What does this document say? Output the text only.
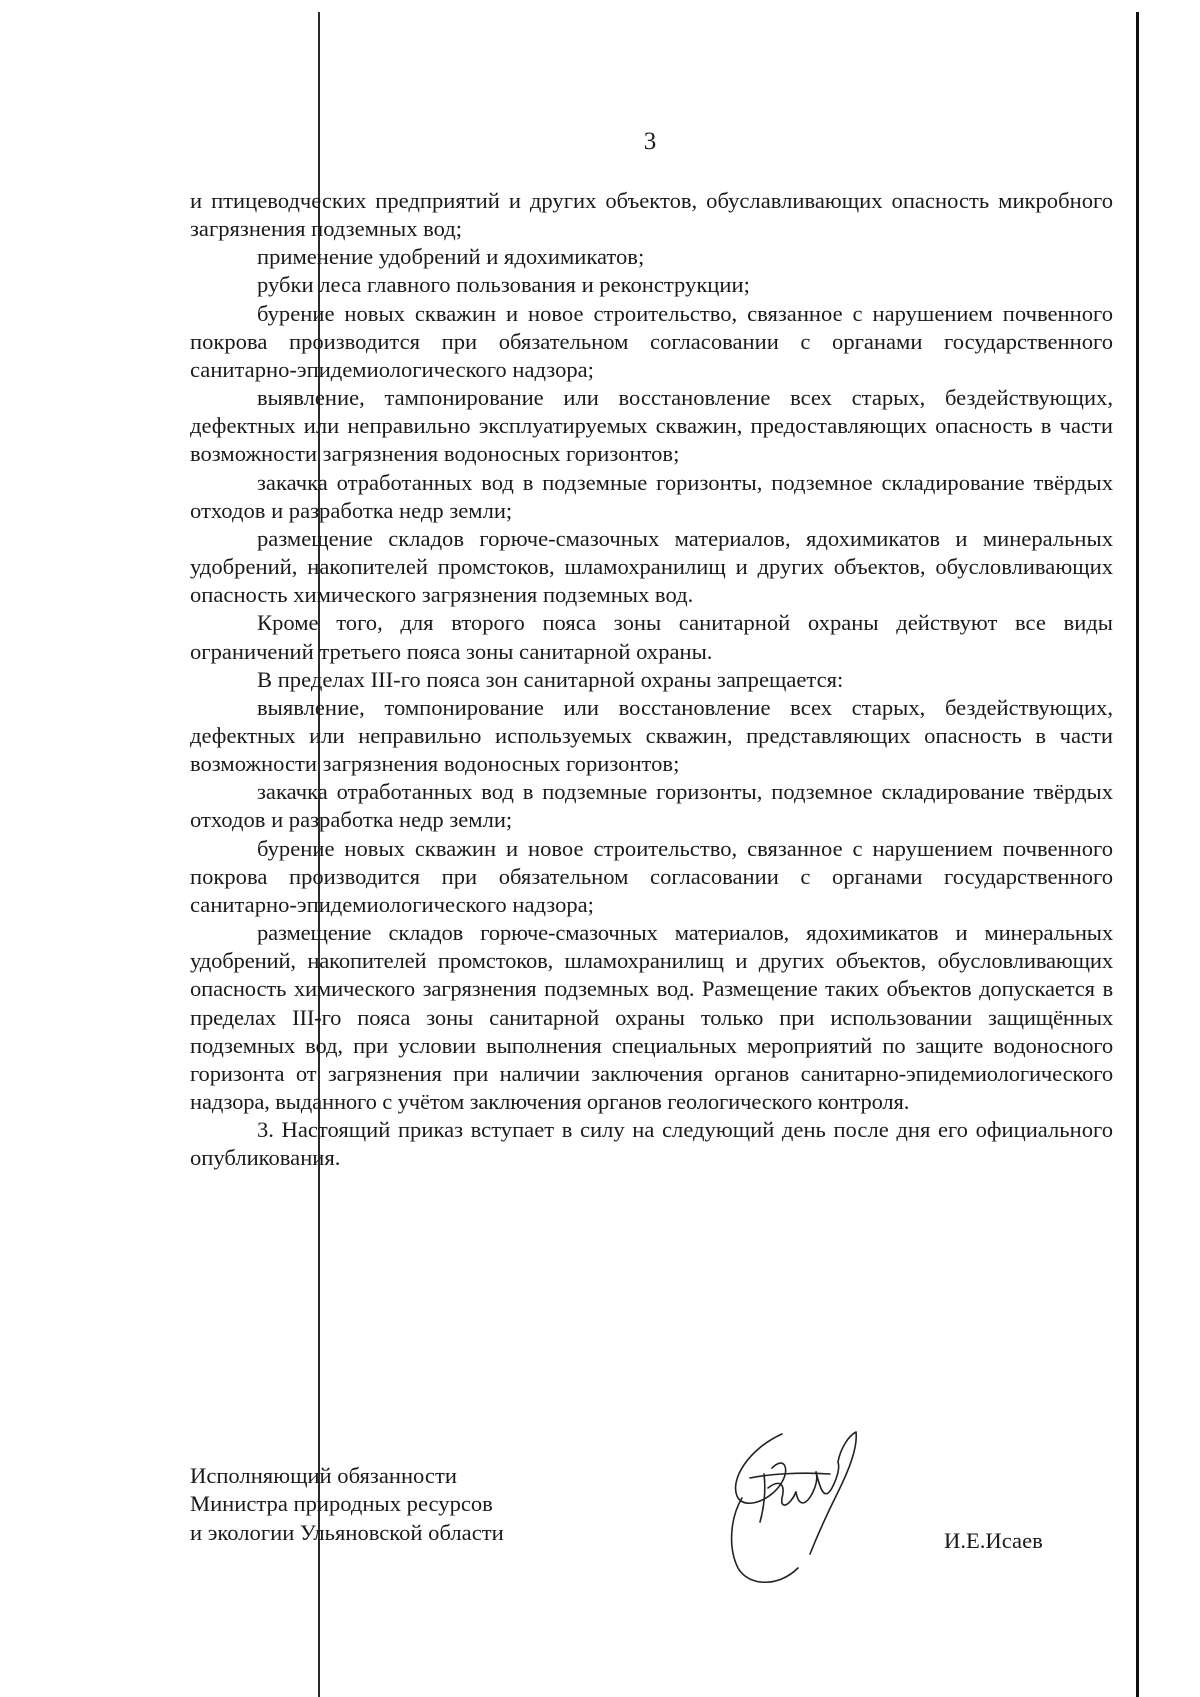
3

и птицеводческих предприятий и других объектов, обуславливающих опасность микробного загрязнения подземных вод;

применение удобрений и ядохимикатов;

рубки леса главного пользования и реконструкции;

бурение новых скважин и новое строительство, связанное с нарушением почвенного покрова производится при обязательном согласовании с органами государственного санитарно-эпидемиологического надзора;

выявление, тампонирование или восстановление всех старых, бездействующих, дефектных или неправильно эксплуатируемых скважин, предоставляющих опасность в части возможности загрязнения водоносных горизонтов;

закачка отработанных вод в подземные горизонты, подземное складирование твёрдых отходов и разработка недр земли;

размещение складов горюче-смазочных материалов, ядохимикатов и минеральных удобрений, накопителей промстоков, шламохранилищ и других объектов, обусловливающих опасность химического загрязнения подземных вод.

Кроме того, для второго пояса зоны санитарной охраны действуют все виды ограничений третьего пояса зоны санитарной охраны.

В пределах III-го пояса зон санитарной охраны запрещается:

выявление, томпонирование или восстановление всех старых, бездействующих, дефектных или неправильно используемых скважин, представляющих опасность в части возможности загрязнения водоносных горизонтов;

закачка отработанных вод в подземные горизонты, подземное складирование твёрдых отходов и разработка недр земли;

бурение новых скважин и новое строительство, связанное с нарушением почвенного покрова производится при обязательном согласовании с органами государственного санитарно-эпидемиологического надзора;

размещение складов горюче-смазочных материалов, ядохимикатов и минеральных удобрений, накопителей промстоков, шламохранилищ и других объектов, обусловливающих опасность химического загрязнения подземных вод. Размещение таких объектов допускается в пределах III-го пояса зоны санитарной охраны только при использовании защищённых подземных вод, при условии выполнения специальных мероприятий по защите водоносного горизонта от загрязнения при наличии заключения органов санитарно-эпидемиологического надзора, выданного с учётом заключения органов геологического контроля.

3. Настоящий приказ вступает в силу на следующий день после дня его официального опубликования.

Исполняющий обязанности
Министра природных ресурсов
и экологии Ульяновской области	И.Е.Исаев
